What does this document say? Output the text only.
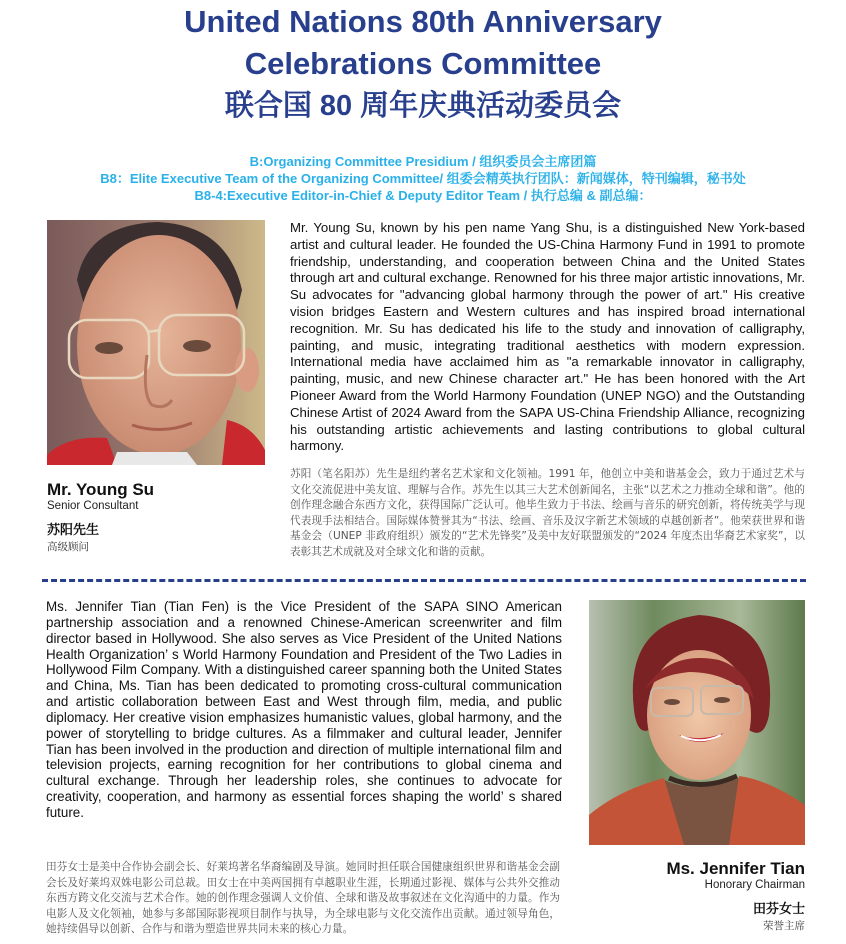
United Nations 80th Anniversary
Celebrations Committee
联合国 80 周年庆典活动委员会
B:Organizing Committee Presidium / 组织委员会主席团篇
B8：Elite Executive Team of the Organizing Committee/ 组委会精英执行团队：新闻媒体，特刊编辑，秘书处
B8-4:Executive Editor-in-Chief & Deputy Editor Team / 执行总编 & 副总编：
Mr. Young Su, known by his pen name Yang Shu, is a distinguished New York-based artist and cultural leader. He founded the US-China Harmony Fund in 1991 to promote friendship, understanding, and cooperation between China and the United States through art and cultural exchange. Renowned for his three major artistic innovations, Mr. Su advocates for "advancing global harmony through the power of art." His creative vision bridges Eastern and Western cultures and has inspired broad international recognition. Mr. Su has dedicated his life to the study and innovation of calligraphy, painting, and music, integrating traditional aesthetics with modern expression. International media have acclaimed him as "a remarkable innovator in calligraphy, painting, music, and new Chinese character art." He has been honored with the Art Pioneer Award from the World Harmony Foundation (UNEP NGO) and the Outstanding Chinese Artist of 2024 Award from the SAPA US-China Friendship Alliance, recognizing his outstanding artistic achievements and lasting contributions to global cultural harmony.
Mr. Young Su
Senior Consultant
苏阳先生
高级顾问
苏阳（笔名阳苏）先生是纽约著名艺术家和文化领袖。1991 年，他创立中美和谐基金会，致力于通过艺术与文化交流促进中美友谊、理解与合作。苏先生以其三大艺术创新闻名，主张“以艺术之力推动全球和谐”。他的创作理念融合东西方文化，获得国际广泛认可。他毕生致力于书法、绘画与音乐的研究创新，将传统美学与现代表现手法相结合。国际媒体赞誉其为“书法、绘画、音乐及汉字新艺术领域的卓越创新者”。他荣获世界和谐基金会（UNEP 非政府组织）颁发的“艺术先锋奖”及美中友好联盟颁发的“2024 年度杰出华裔艺术家奖”，以表彰其艺术成就及对全球文化和谐的贡献。
Ms. Jennifer Tian (Tian Fen) is the Vice President of the SAPA SINO American partnership association and a renowned Chinese-American screenwriter and film director based in Hollywood. She also serves as Vice President of the United Nations Health Organization’ s World Harmony Foundation and President of the Two Ladies in Hollywood Film Company. With a distinguished career spanning both the United States and China, Ms. Tian has been dedicated to promoting cross-cultural communication and artistic collaboration between East and West through film, media, and public diplomacy. Her creative vision emphasizes humanistic values, global harmony, and the power of storytelling to bridge cultures. As a filmmaker and cultural leader, Jennifer Tian has been involved in the production and direction of multiple international film and television projects, earning recognition for her contributions to global cinema and cultural exchange. Through her leadership roles, she continues to advocate for creativity, cooperation, and harmony as essential forces shaping the world’ s shared future.
Ms. Jennifer Tian
Honorary Chairman
田芬女士
荣誉主席
田芬女士是美中合作协会副会长、好莱坞著名华裔编剧及导演。她同时担任联合国健康组织世界和谐基金会副会长及好莱坞双姝电影公司总裁。田女士在中美两国拥有卓越职业生涯，长期通过影视、媒体与公共外交推动东西方跨文化交流与艺术合作。她的创作理念强调人文价值、全球和谐及故事叙述在文化沟通中的力量。作为电影人及文化领袖，她参与多部国际影视项目制作与执导，为全球电影与文化交流作出贡献。通过领导角色，她持续倡导以创新、合作与和谐为塑造世界共同未来的核心力量。
